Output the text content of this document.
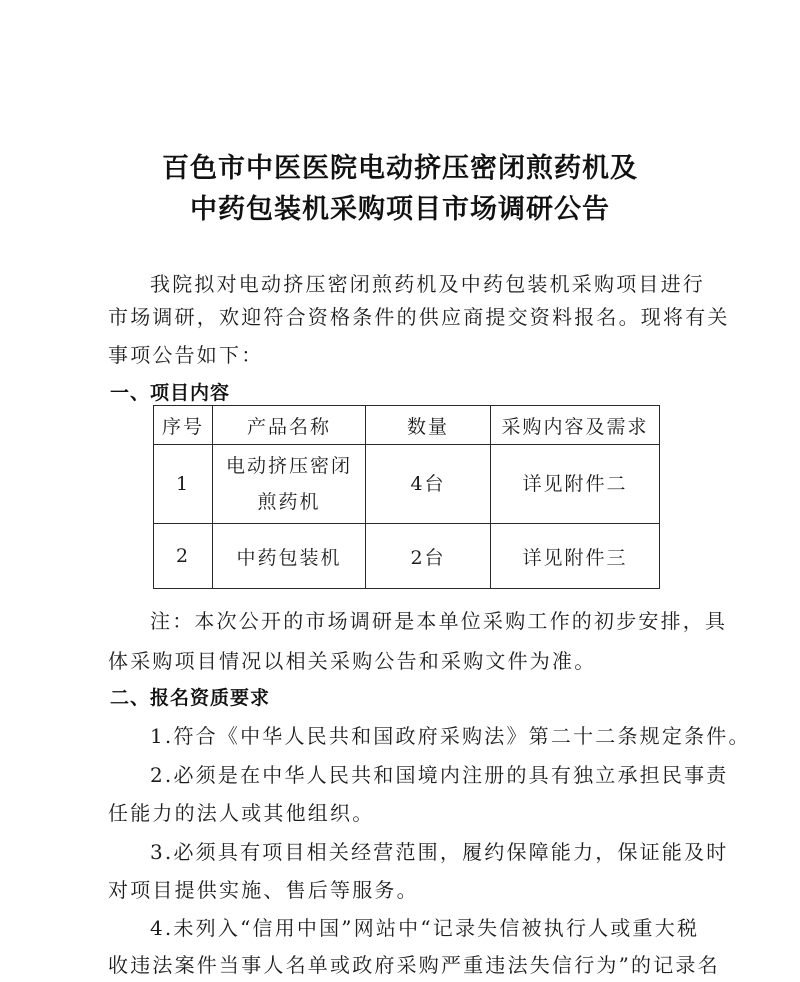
百色市中医医院电动挤压密闭煎药机及
中药包装机采购项目市场调研公告
我院拟对电动挤压密闭煎药机及中药包装机采购项目进行
市场调研，欢迎符合资格条件的供应商提交资料报名。现将有关
事项公告如下：
一、项目内容
序号	产品名称	数量	采购内容及需求
1	电动挤压密闭
煎药机	4台	详见附件二
2	中药包装机	2台	详见附件三
注：本次公开的市场调研是本单位采购工作的初步安排，具
体采购项目情况以相关采购公告和采购文件为准。
二、报名资质要求
1.符合《中华人民共和国政府采购法》第二十二条规定条件。
2.必须是在中华人民共和国境内注册的具有独立承担民事责
任能力的法人或其他组织。
3.必须具有项目相关经营范围，履约保障能力，保证能及时
对项目提供实施、售后等服务。
4.未列入“信用中国”网站中“记录失信被执行人或重大税
收违法案件当事人名单或政府采购严重违法失信行为”的记录名
